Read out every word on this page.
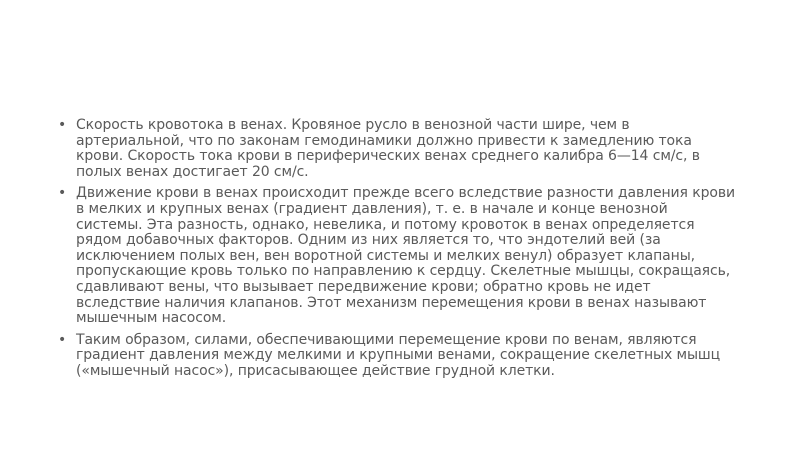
• Скорость кровотока в венах. Кровяное русло в венозной части шире, чем в артериальной, что по законам гемодинамики должно привести к замедлению тока крови. Скорость тока крови в периферических венах среднего калибра 6—14 см/с, в полых венах достигает 20 см/с.
• Движение крови в венах происходит прежде всего вследствие разности давления крови в мелких и крупных венах (градиент давления), т. е. в начале и конце венозной системы. Эта разность, однако, невелика, и потому кровоток в венах определяется рядом добавочных факторов. Одним из них является то, что эндотелий вей (за исключением полых вен, вен воротной системы и мелких венул) образует клапаны, пропускающие кровь только по направлению к сердцу. Скелетные мышцы, сокращаясь, сдавливают вены, что вызывает передвижение крови; обратно кровь не идет вследствие наличия клапанов. Этот механизм перемещения крови в венах называют мышечным насосом.
• Таким образом, силами, обеспечивающими перемещение крови по венам, являются градиент давления между мелкими и крупными венами, сокращение скелетных мышц («мышечный насос»), присасывающее действие грудной клетки.
